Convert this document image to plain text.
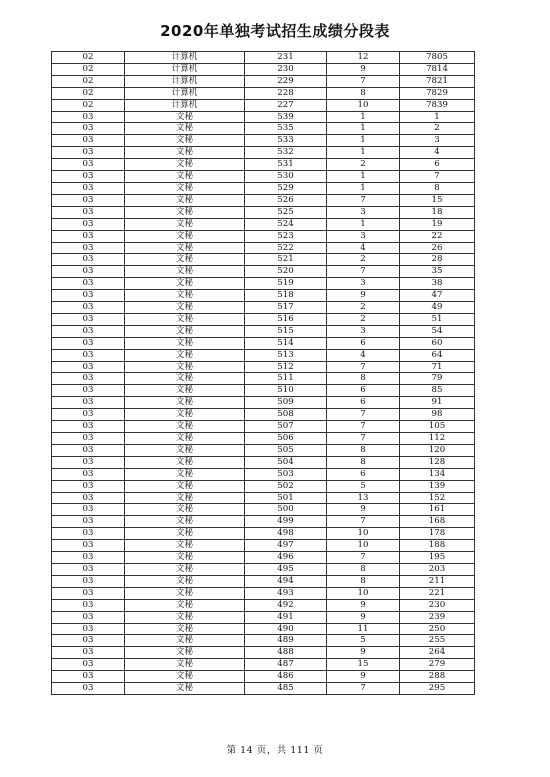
2020年单独考试招生成绩分段表
02	计算机	231	12	7805
02	计算机	230	9	7814
02	计算机	229	7	7821
02	计算机	228	8	7829
02	计算机	227	10	7839
03	文秘	539	1	1
03	文秘	535	1	2
03	文秘	533	1	3
03	文秘	532	1	4
03	文秘	531	2	6
03	文秘	530	1	7
03	文秘	529	1	8
03	文秘	526	7	15
03	文秘	525	3	18
03	文秘	524	1	19
03	文秘	523	3	22
03	文秘	522	4	26
03	文秘	521	2	28
03	文秘	520	7	35
03	文秘	519	3	38
03	文秘	518	9	47
03	文秘	517	2	49
03	文秘	516	2	51
03	文秘	515	3	54
03	文秘	514	6	60
03	文秘	513	4	64
03	文秘	512	7	71
03	文秘	511	8	79
03	文秘	510	6	85
03	文秘	509	6	91
03	文秘	508	7	98
03	文秘	507	7	105
03	文秘	506	7	112
03	文秘	505	8	120
03	文秘	504	8	128
03	文秘	503	6	134
03	文秘	502	5	139
03	文秘	501	13	152
03	文秘	500	9	161
03	文秘	499	7	168
03	文秘	498	10	178
03	文秘	497	10	188
03	文秘	496	7	195
03	文秘	495	8	203
03	文秘	494	8	211
03	文秘	493	10	221
03	文秘	492	9	230
03	文秘	491	9	239
03	文秘	490	11	250
03	文秘	489	5	255
03	文秘	488	9	264
03	文秘	487	15	279
03	文秘	486	9	288
03	文秘	485	7	295
第 14 页，共 111 页
